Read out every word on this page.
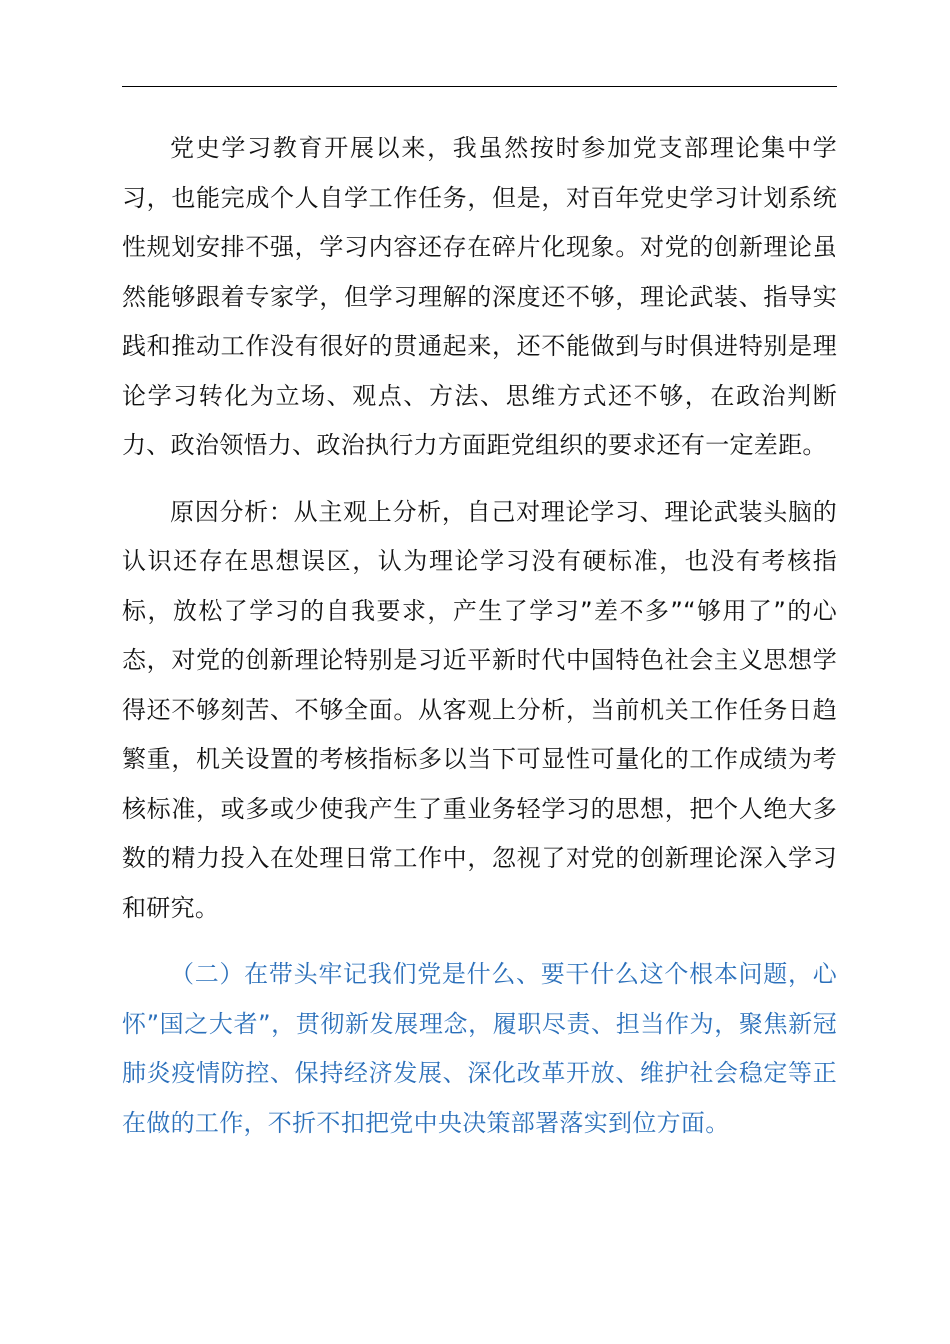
党史学习教育开展以来，我虽然按时参加党支部理论集中学习，也能完成个人自学工作任务，但是，对百年党史学习计划系统性规划安排不强，学习内容还存在碎片化现象。对党的创新理论虽然能够跟着专家学，但学习理解的深度还不够，理论武装、指导实践和推动工作没有很好的贯通起来，还不能做到与时俱进特别是理论学习转化为立场、观点、方法、思维方式还不够，在政治判断力、政治领悟力、政治执行力方面距党组织的要求还有一定差距。

原因分析：从主观上分析，自己对理论学习、理论武装头脑的认识还存在思想误区，认为理论学习没有硬标准，也没有考核指标，放松了学习的自我要求，产生了学习”差不多”“够用了”的心态，对党的创新理论特别是习近平新时代中国特色社会主义思想学得还不够刻苦、不够全面。从客观上分析，当前机关工作任务日趋繁重，机关设置的考核指标多以当下可显性可量化的工作成绩为考核标准，或多或少使我产生了重业务轻学习的思想，把个人绝大多数的精力投入在处理日常工作中，忽视了对党的创新理论深入学习和研究。

（二）在带头牢记我们党是什么、要干什么这个根本问题，心怀”国之大者”，贯彻新发展理念，履职尽责、担当作为，聚焦新冠肺炎疫情防控、保持经济发展、深化改革开放、维护社会稳定等正在做的工作，不折不扣把党中央决策部署落实到位方面。
